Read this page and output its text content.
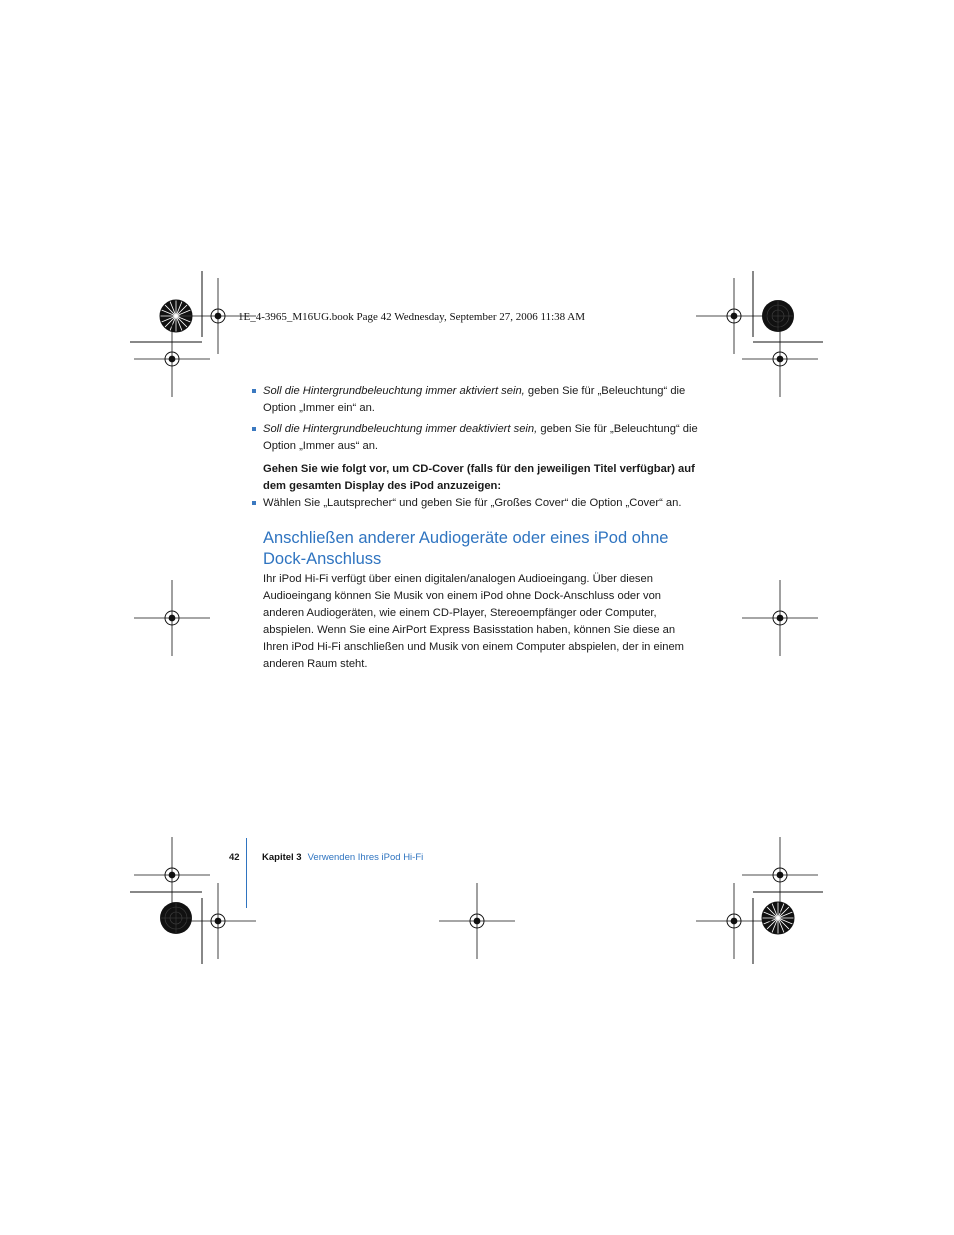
1E_4-3965_M16UG.book Page 42 Wednesday, September 27, 2006 11:38 AM
Soll die Hintergrundbeleuchtung immer aktiviert sein, geben Sie für „Beleuchtung“ die Option „Immer ein“ an.
Soll die Hintergrundbeleuchtung immer deaktiviert sein, geben Sie für „Beleuchtung“ die Option „Immer aus“ an.

Gehen Sie wie folgt vor, um CD-Cover (falls für den jeweiligen Titel verfügbar) auf dem gesamten Display des iPod anzuzeigen:

Wählen Sie „Lautsprecher“ und geben Sie für „Großes Cover“ die Option „Cover“ an.
Anschließen anderer Audiogeräte oder eines iPod ohne Dock-Anschluss

Ihr iPod Hi-Fi verfügt über einen digitalen/analogen Audioeingang. Über diesen Audioeingang können Sie Musik von einem iPod ohne Dock-Anschluss oder von anderen Audiogeräten, wie einem CD-Player, Stereoempfänger oder Computer, abspielen. Wenn Sie eine AirPort Express Basisstation haben, können Sie diese an Ihren iPod Hi-Fi anschließen und Musik von einem Computer abspielen, der in einem anderen Raum steht.

42 Kapitel 3 Verwenden Ihres iPod Hi-Fi
